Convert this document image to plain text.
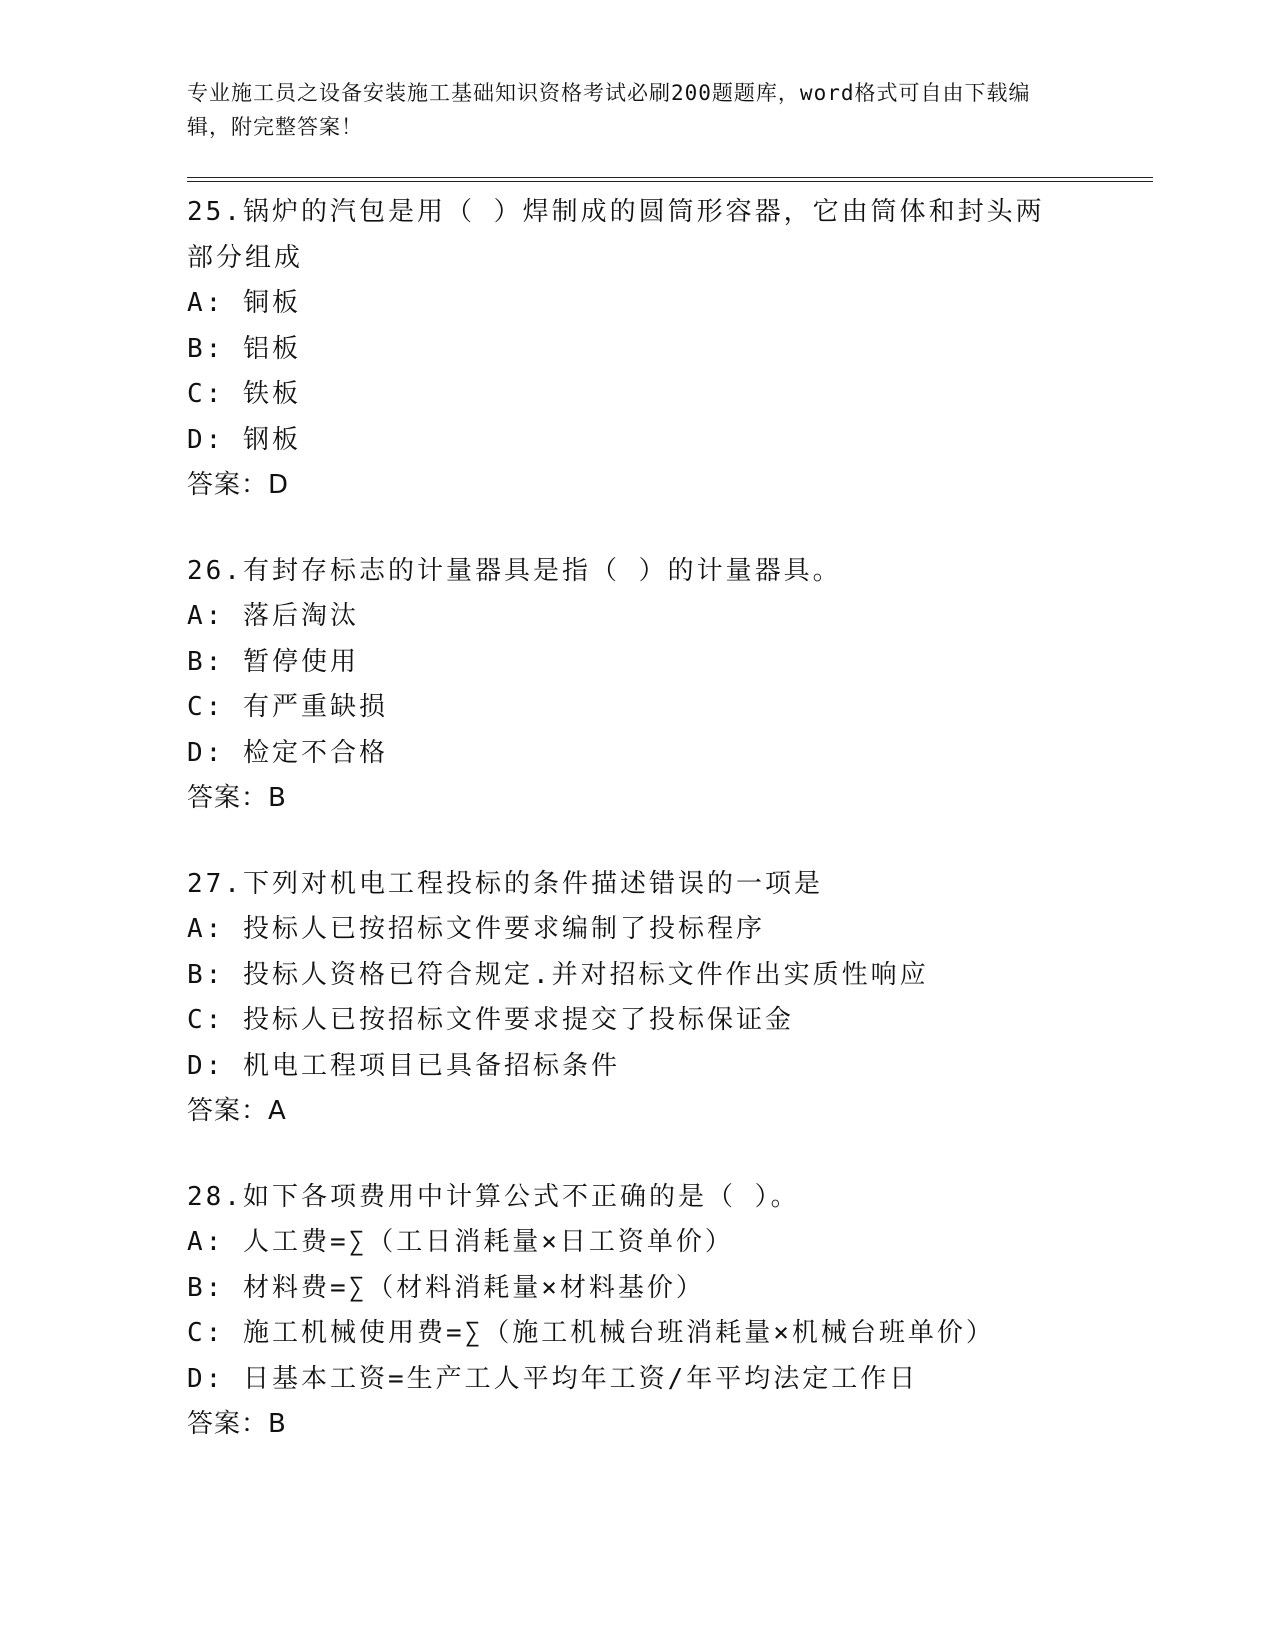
专业施工员之设备安装施工基础知识资格考试必刷200题题库，word格式可自由下载编辑，附完整答案！
25.锅炉的汽包是用（ ）焊制成的圆筒形容器，它由筒体和封头两部分组成
A: 铜板
B: 铝板
C: 铁板
D: 钢板
答案：D
26.有封存标志的计量器具是指（ ）的计量器具。
A: 落后淘汰
B: 暂停使用
C: 有严重缺损
D: 检定不合格
答案：B
27.下列对机电工程投标的条件描述错误的一项是
A: 投标人已按招标文件要求编制了投标程序
B: 投标人资格已符合规定.并对招标文件作出实质性响应
C: 投标人已按招标文件要求提交了投标保证金
D: 机电工程项目已具备招标条件
答案：A
28.如下各项费用中计算公式不正确的是（ ）。
A: 人工费=∑（工日消耗量×日工资单价）
B: 材料费=∑（材料消耗量×材料基价）
C: 施工机械使用费=∑（施工机械台班消耗量×机械台班单价）
D: 日基本工资=生产工人平均年工资/年平均法定工作日
答案：B
